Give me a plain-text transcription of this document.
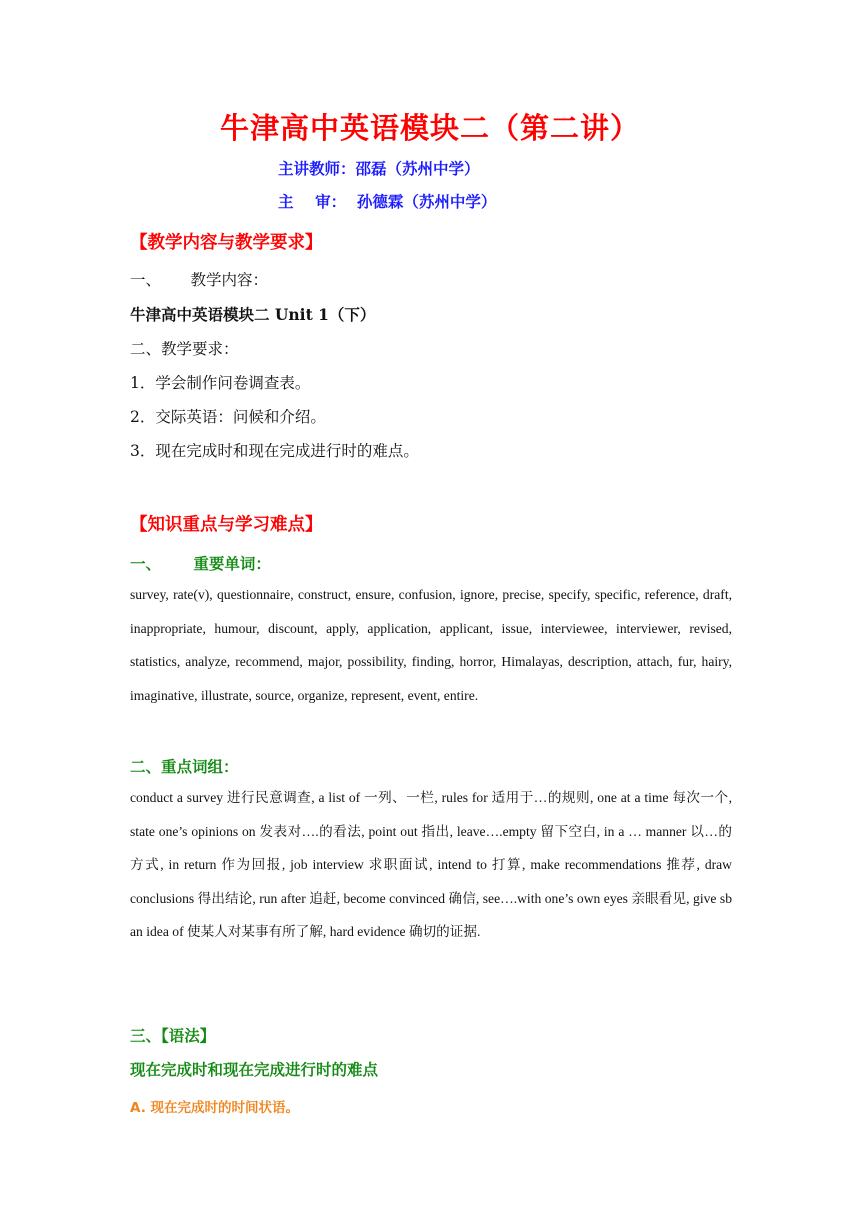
牛津高中英语模块二（第二讲）
主讲教师：邵磊（苏州中学）
主    审：  孙德霖（苏州中学）
【教学内容与教学要求】
一、      教学内容：
牛津高中英语模块二 Unit 1（下）
二、教学要求：
1．学会制作问卷调查表。
2．交际英语：问候和介绍。
3．现在完成时和现在完成进行时的难点。
【知识重点与学习难点】
一、      重要单词：
survey, rate(v), questionnaire, construct, ensure, confusion, ignore, precise, specify, specific, reference, draft, inappropriate, humour, discount, apply, application, applicant, issue, interviewee, interviewer, revised, statistics, analyze, recommend, major, possibility, finding, horror, Himalayas, description, attach, fur, hairy, imaginative, illustrate, source, organize, represent, event, entire.
二、重点词组：
conduct a survey 进行民意调查, a list of 一列、一栏, rules for 适用于…的规则, one at a time 每次一个, state one’s opinions on 发表对….的看法, point out 指出, leave….empty 留下空白, in a … manner 以…的方式, in return 作为回报, job interview 求职面试, intend to 打算, make recommendations 推荐, draw conclusions 得出结论, run after 追赶, become convinced 确信, see….with one’s own eyes 亲眼看见, give sb an idea of 使某人对某事有所了解, hard evidence 确切的证据.
三、【语法】
现在完成时和现在完成进行时的难点
A. 现在完成时的时间状语。
